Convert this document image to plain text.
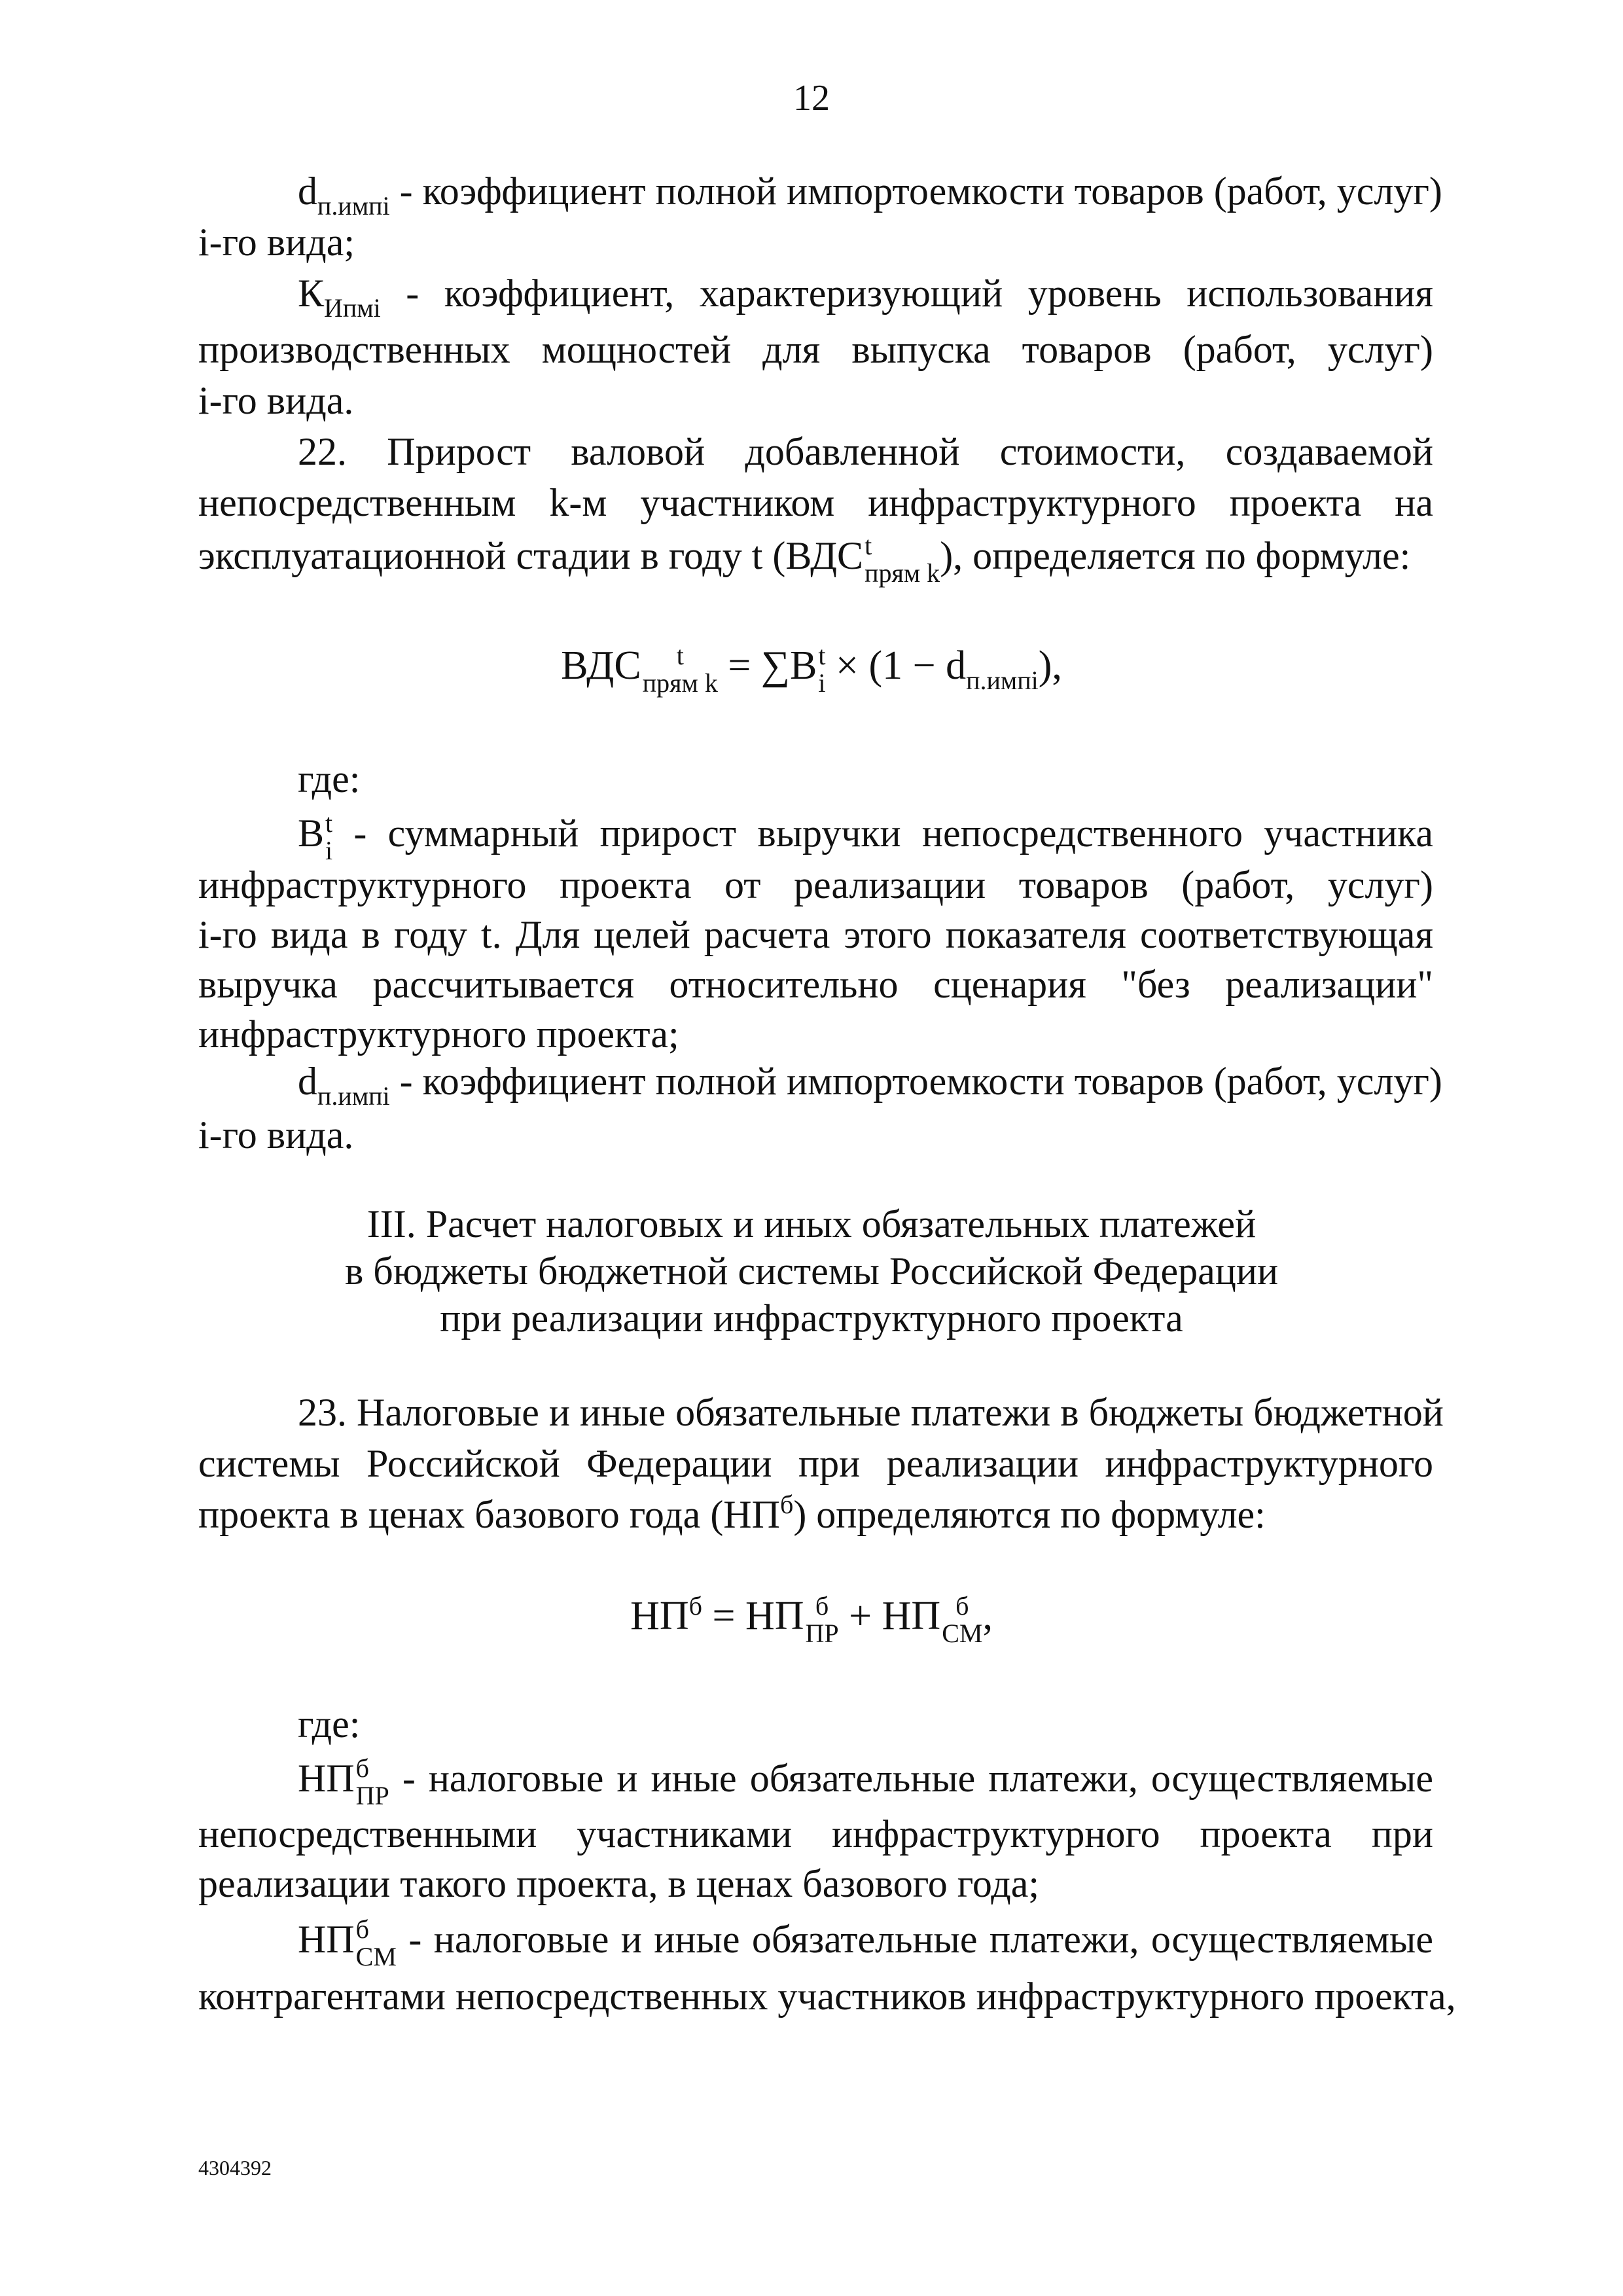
12
$d_{п.импi}$ - коэффициент полной импортоемкости товаров (работ, услуг)
i-го вида;
$К_{Ипмi}$ - коэффициент, характеризующий уровень использования
производственных мощностей для выпуска товаров (работ, услуг)
i-го вида.
22. Прирост валовой добавленной стоимости, создаваемой
непосредственным k-м участником инфраструктурного проекта на
эксплуатационной стадии в году t (ВДС t
прям k ), определяется по формуле:
ВДС	t
прям k = ∑В t
$i \times (1 - d_{п.импi})$,
где:
В t
i - суммарный прирост выручки непосредственного участника
инфраструктурного проекта от реализации товаров (работ, услуг)
i-го вида в году t. Для целей расчета этого показателя соответствующая
выручка рассчитывается относительно сценария "без реализации"
инфраструктурного проекта;
$d_{п.импi}$ - коэффициент полной импортоемкости товаров (работ, услуг)
i-го вида.
III. Расчет налоговых и иных обязательных платежей
в бюджеты бюджетной системы Российской Федерации
при реализации инфраструктурного проекта
23. Налоговые и иные обязательные платежи в бюджеты бюджетной
системы Российской Федерации при реализации инфраструктурного
проекта в ценах базового года $(НП^б)$ определяются по формуле:
$НП^б$ = НП б
ПР + НП б
СМ ,
где:
НП б
ПР - налоговые и иные обязательные платежи, осуществляемые
непосредственными участниками инфраструктурного проекта при
реализации такого проекта, в ценах базового года;
НП б
СМ - налоговые и иные обязательные платежи, осуществляемые
контрагентами непосредственных участников инфраструктурного проекта,
4304392
